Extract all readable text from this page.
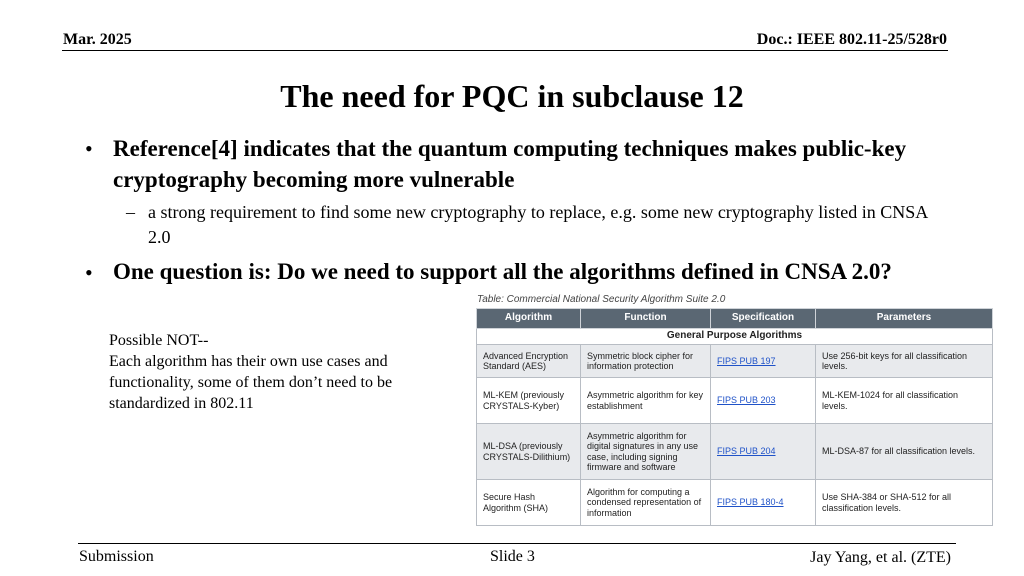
Mar. 2025	Doc.: IEEE 802.11-25/528r0
The need for PQC in subclause 12
• Reference[4] indicates that the quantum computing techniques makes public-key cryptography becoming more vulnerable
– a strong requirement to find some new cryptography to replace, e.g. some new cryptography listed in CNSA 2.0
• One question is: Do we need to support all the algorithms defined in CNSA 2.0?
Possible NOT--
Each algorithm has their own use cases and
functionality, some of them don’t need to be
standardized in 802.11
Table: Commercial National Security Algorithm Suite 2.0
Algorithm	Function	Specification	Parameters
General Purpose Algorithms			
Advanced Encryption Standard (AES)	Symmetric block cipher for information protection	FIPS PUB 197	Use 256-bit keys for all classification levels.
ML-KEM (previously CRYSTALS-Kyber)	Asymmetric algorithm for key establishment	FIPS PUB 203	ML-KEM-1024 for all classification levels.
ML-DSA (previously CRYSTALS-Dilithium)	Asymmetric algorithm for digital signatures in any use case, including signing firmware and software	FIPS PUB 204	ML-DSA-87 for all classification levels.
Secure Hash Algorithm (SHA)	Algorithm for computing a condensed representation of information	FIPS PUB 180-4	Use SHA-384 or SHA-512 for all classification levels.
Submission	Slide 3	Jay Yang, et al. (ZTE)
